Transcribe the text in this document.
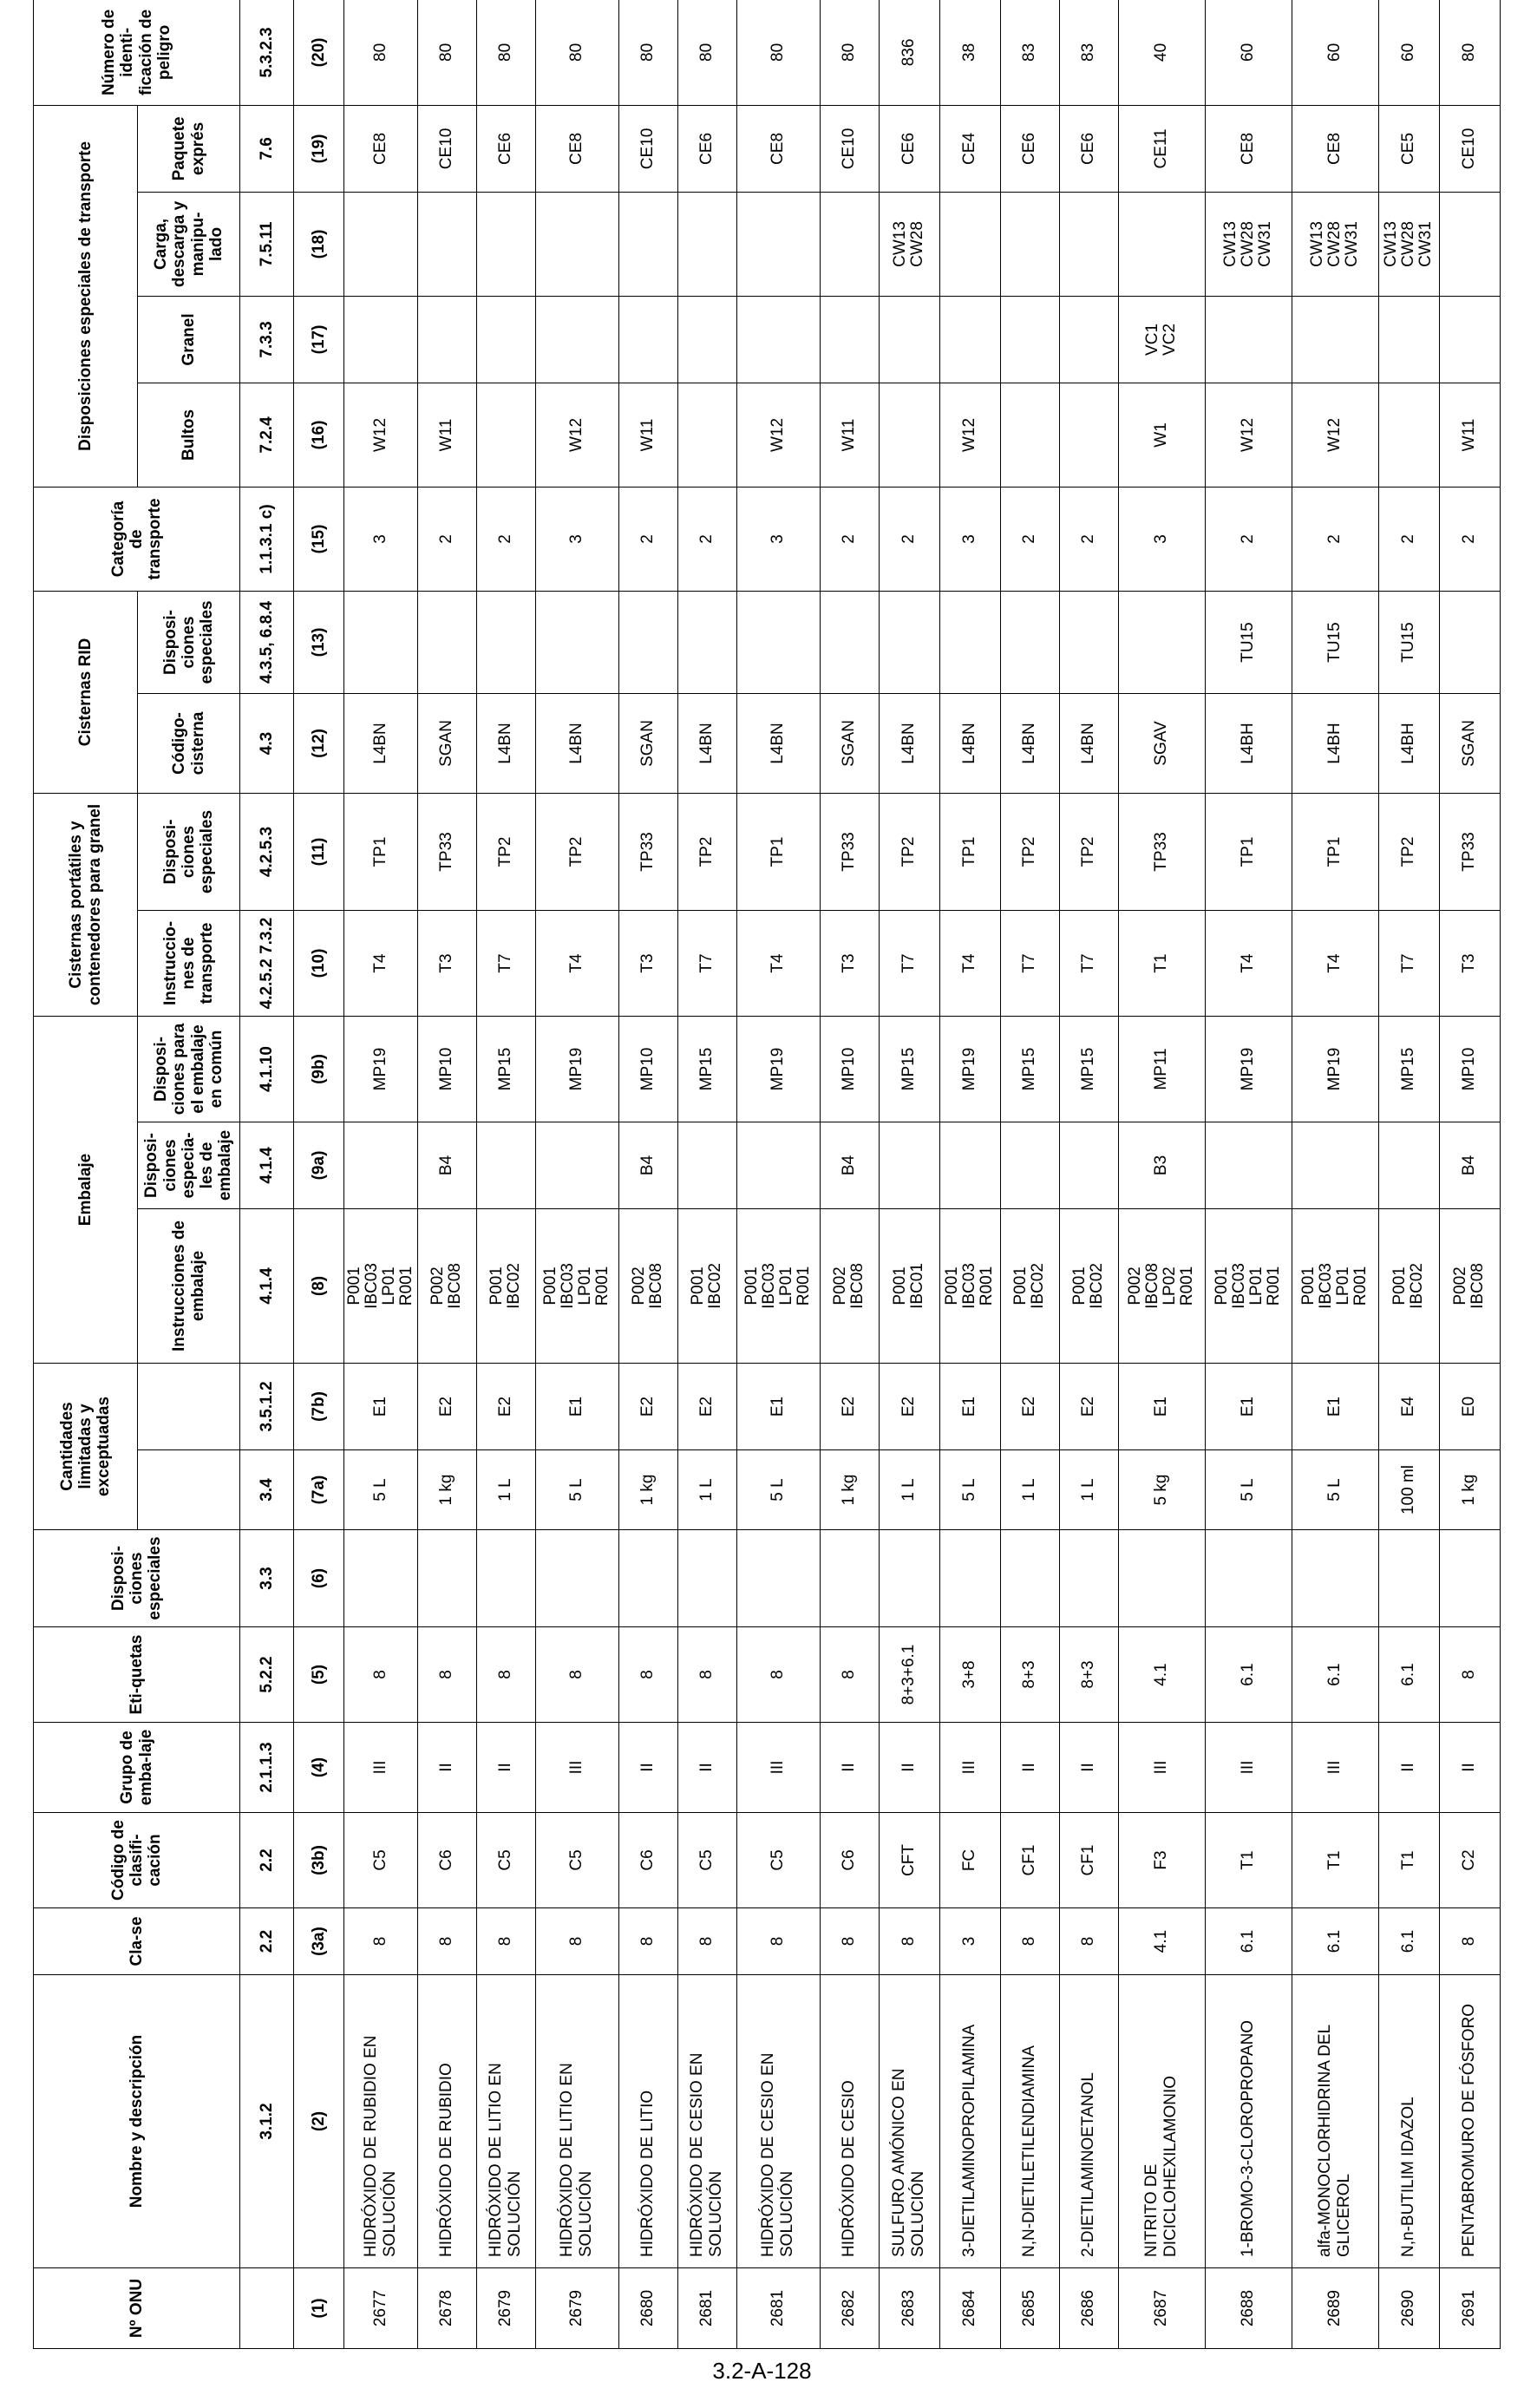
Nº ONU	Nombre y descripción	Cla-se	Código de clasifi-cación	Grupo de emba-laje	Eti-quetas	Disposi-ciones especiales	Cantidades limitadas y exceptuadas		Embalaje			Cisternas portátiles y contenedores para granel		Cisternas RID		Categoría de transporte	Disposiciones especiales de transporte				Número de identi-ficación de peligro
									Instrucciones de embalaje	Disposi-ciones especia-les de embalaje	Disposi-ciones para el embalaje en común	Instruccio-nes de transporte	Disposi-ciones especiales	Código-cisterna	Disposi-ciones especiales		Bultos	Granel	Carga, descarga y manipu-lado	Paquete exprés	
	3.1.2	2.2	2.2	2.1.1.3	5.2.2	3.3	3.4	3.5.1.2	4.1.4	4.1.4	4.1.10	4.2.5.2 7.3.2	4.2.5.3	4.3	4.3.5, 6.8.4	1.1.3.1 c)	7.2.4	7.3.3	7.5.11	7.6	5.3.2.3
(1)	(2)	(3a)	(3b)	(4)	(5)	(6)	(7a)	(7b)	(8)	(9a)	(9b)	(10)	(11)	(12)	(13)	(15)	(16)	(17)	(18)	(19)	(20)
2677	HIDRÓXIDO DE RUBIDIO EN SOLUCIÓN	8	C5	III	8		5 L	E1	P001
IBC03
LP01
R001		MP19	T4	TP1	L4BN		3	W12			CE8	80
2678	HIDRÓXIDO DE RUBIDIO	8	C6	II	8		1 kg	E2	P002
IBC08	B4	MP10	T3	TP33	SGAN		2	W11			CE10	80
2679	HIDRÓXIDO DE LITIO EN SOLUCIÓN	8	C5	II	8		1 L	E2	P001
IBC02		MP15	T7	TP2	L4BN		2				CE6	80
2679	HIDRÓXIDO DE LITIO EN SOLUCIÓN	8	C5	III	8		5 L	E1	P001
IBC03
LP01
R001		MP19	T4	TP2	L4BN		3	W12			CE8	80
2680	HIDRÓXIDO DE LITIO	8	C6	II	8		1 kg	E2	P002
IBC08	B4	MP10	T3	TP33	SGAN		2	W11			CE10	80
2681	HIDRÓXIDO DE CESIO EN SOLUCIÓN	8	C5	II	8		1 L	E2	P001
IBC02		MP15	T7	TP2	L4BN		2				CE6	80
2681	HIDRÓXIDO DE CESIO EN SOLUCIÓN	8	C5	III	8		5 L	E1	P001
IBC03
LP01
R001		MP19	T4	TP1	L4BN		3	W12			CE8	80
2682	HIDRÓXIDO DE CESIO	8	C6	II	8		1 kg	E2	P002
IBC08	B4	MP10	T3	TP33	SGAN		2	W11			CE10	80
2683	SULFURO AMÓNICO EN SOLUCIÓN	8	CFT	II	8+3+6.1		1 L	E2	P001
IBC01		MP15	T7	TP2	L4BN		2			CW13
CW28	CE6	836
2684	3-DIETILAMINOPROPILAMINA	3	FC	III	3+8		5 L	E1	P001
IBC03
R001		MP19	T4	TP1	L4BN		3	W12			CE4	38
2685	N,N-DIETILETILENDIAMINA	8	CF1	II	8+3		1 L	E2	P001
IBC02		MP15	T7	TP2	L4BN		2				CE6	83
2686	2-DIETILAMINOETANOL	8	CF1	II	8+3		1 L	E2	P001
IBC02		MP15	T7	TP2	L4BN		2				CE6	83
2687	NITRITO DE DICICLOHEXILAMONIO	4.1	F3	III	4.1		5 kg	E1	P002
IBC08
LP02
R001	B3	MP11	T1	TP33	SGAV		3	W1	VC1
VC2		CE11	40
2688	1-BROMO-3-CLOROPROPANO	6.1	T1	III	6.1		5 L	E1	P001
IBC03
LP01
R001		MP19	T4	TP1	L4BH	TU15	2	W12		CW13
CW28
CW31	CE8	60
2689	alfa-MONOCLORHIDRINA DEL GLICEROL	6.1	T1	III	6.1		5 L	E1	P001
IBC03
LP01
R001		MP19	T4	TP1	L4BH	TU15	2	W12		CW13
CW28
CW31	CE8	60
2690	N,n-BUTILIM IDAZOL	6.1	T1	II	6.1		100 ml	E4	P001
IBC02		MP15	T7	TP2	L4BH	TU15	2			CW13
CW28
CW31	CE5	60
2691	PENTABROMURO DE FÓSFORO	8	C2	II	8		1 kg	E0	P002
IBC08	B4	MP10	T3	TP33	SGAN		2	W11			CE10	80
3.2-A-128
